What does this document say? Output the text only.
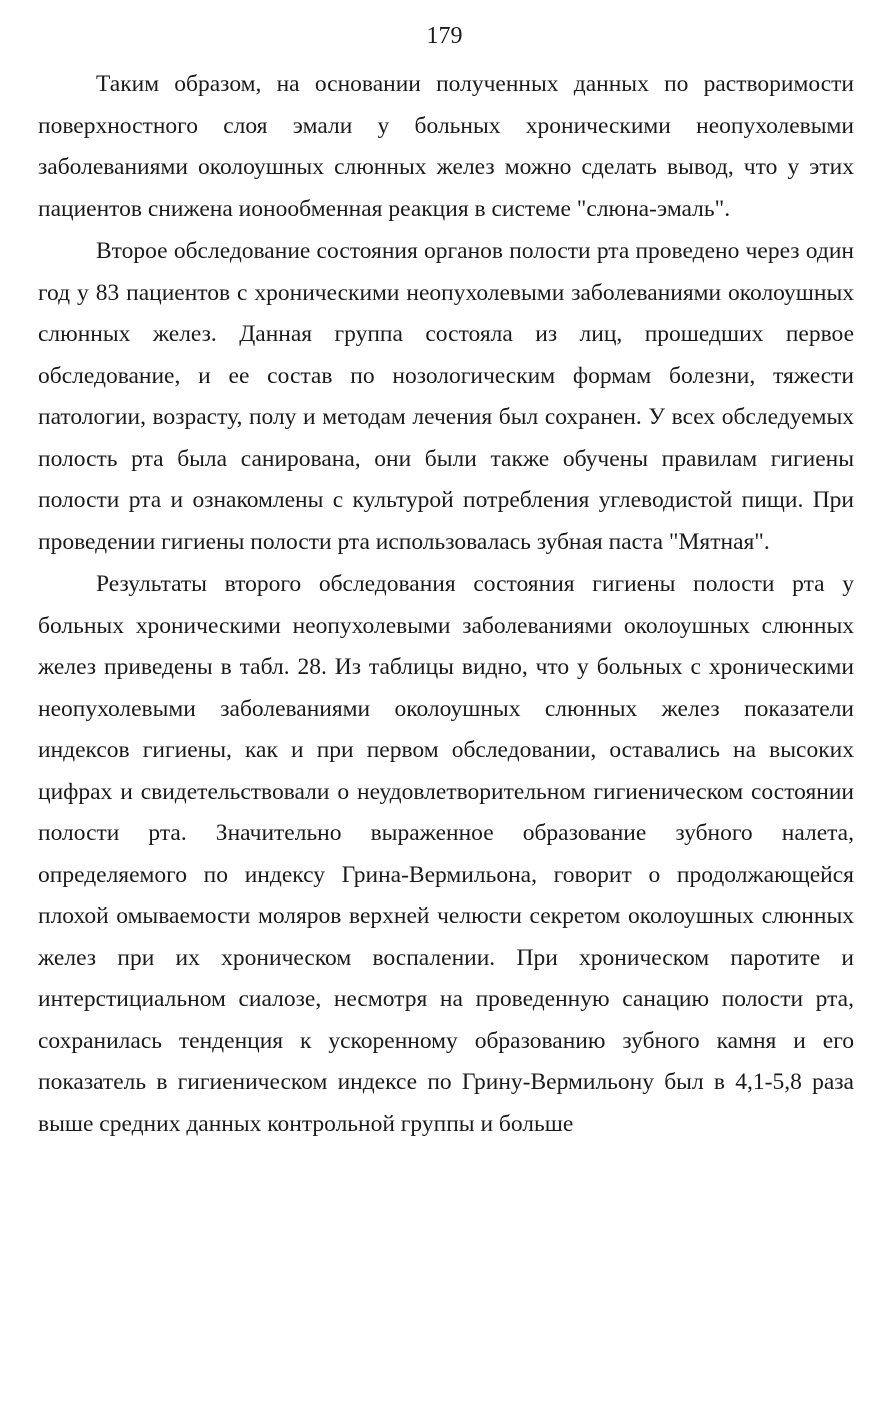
179

Таким образом, на основании полученных данных по растворимости поверхностного слоя эмали у больных хроническими неопухолевыми заболеваниями околоушных слюнных желез можно сделать вывод, что у этих пациентов снижена ионообменная реакция в системе "слюна-эмаль".

Второе обследование состояния органов полости рта проведено через один год у 83 пациентов с хроническими неопухолевыми заболеваниями околоушных слюнных желез. Данная группа состояла из лиц, прошедших первое обследование, и ее состав по нозологическим формам болезни, тяжести патологии, возрасту, полу и методам лечения был сохранен. У всех обследуемых полость рта была санирована, они были также обучены правилам гигиены полости рта и ознакомлены с культурой потребления углеводистой пищи. При проведении гигиены полости рта использовалась зубная паста "Мятная".

Результаты второго обследования состояния гигиены полости рта у больных хроническими неопухолевыми заболеваниями околоушных слюнных желез приведены в табл. 28. Из таблицы видно, что у больных с хроническими неопухолевыми заболеваниями околоушных слюнных желез показатели индексов гигиены, как и при первом обследовании, оставались на высоких цифрах и свидетельствовали о неудовлетворительном гигиеническом состоянии полости рта. Значительно выраженное образование зубного налета, определяемого по индексу Грина-Вермильона, говорит о продолжающейся плохой омываемости моляров верхней челюсти секретом околоушных слюнных желез при их хроническом воспалении. При хроническом паротите и интерстициальном сиалозе, несмотря на проведенную санацию полости рта, сохранилась тенденция к ускоренному образованию зубного камня и его показатель в гигиеническом индексе по Грину-Вермильону был в 4,1-5,8 раза выше средних данных контрольной группы и больше
